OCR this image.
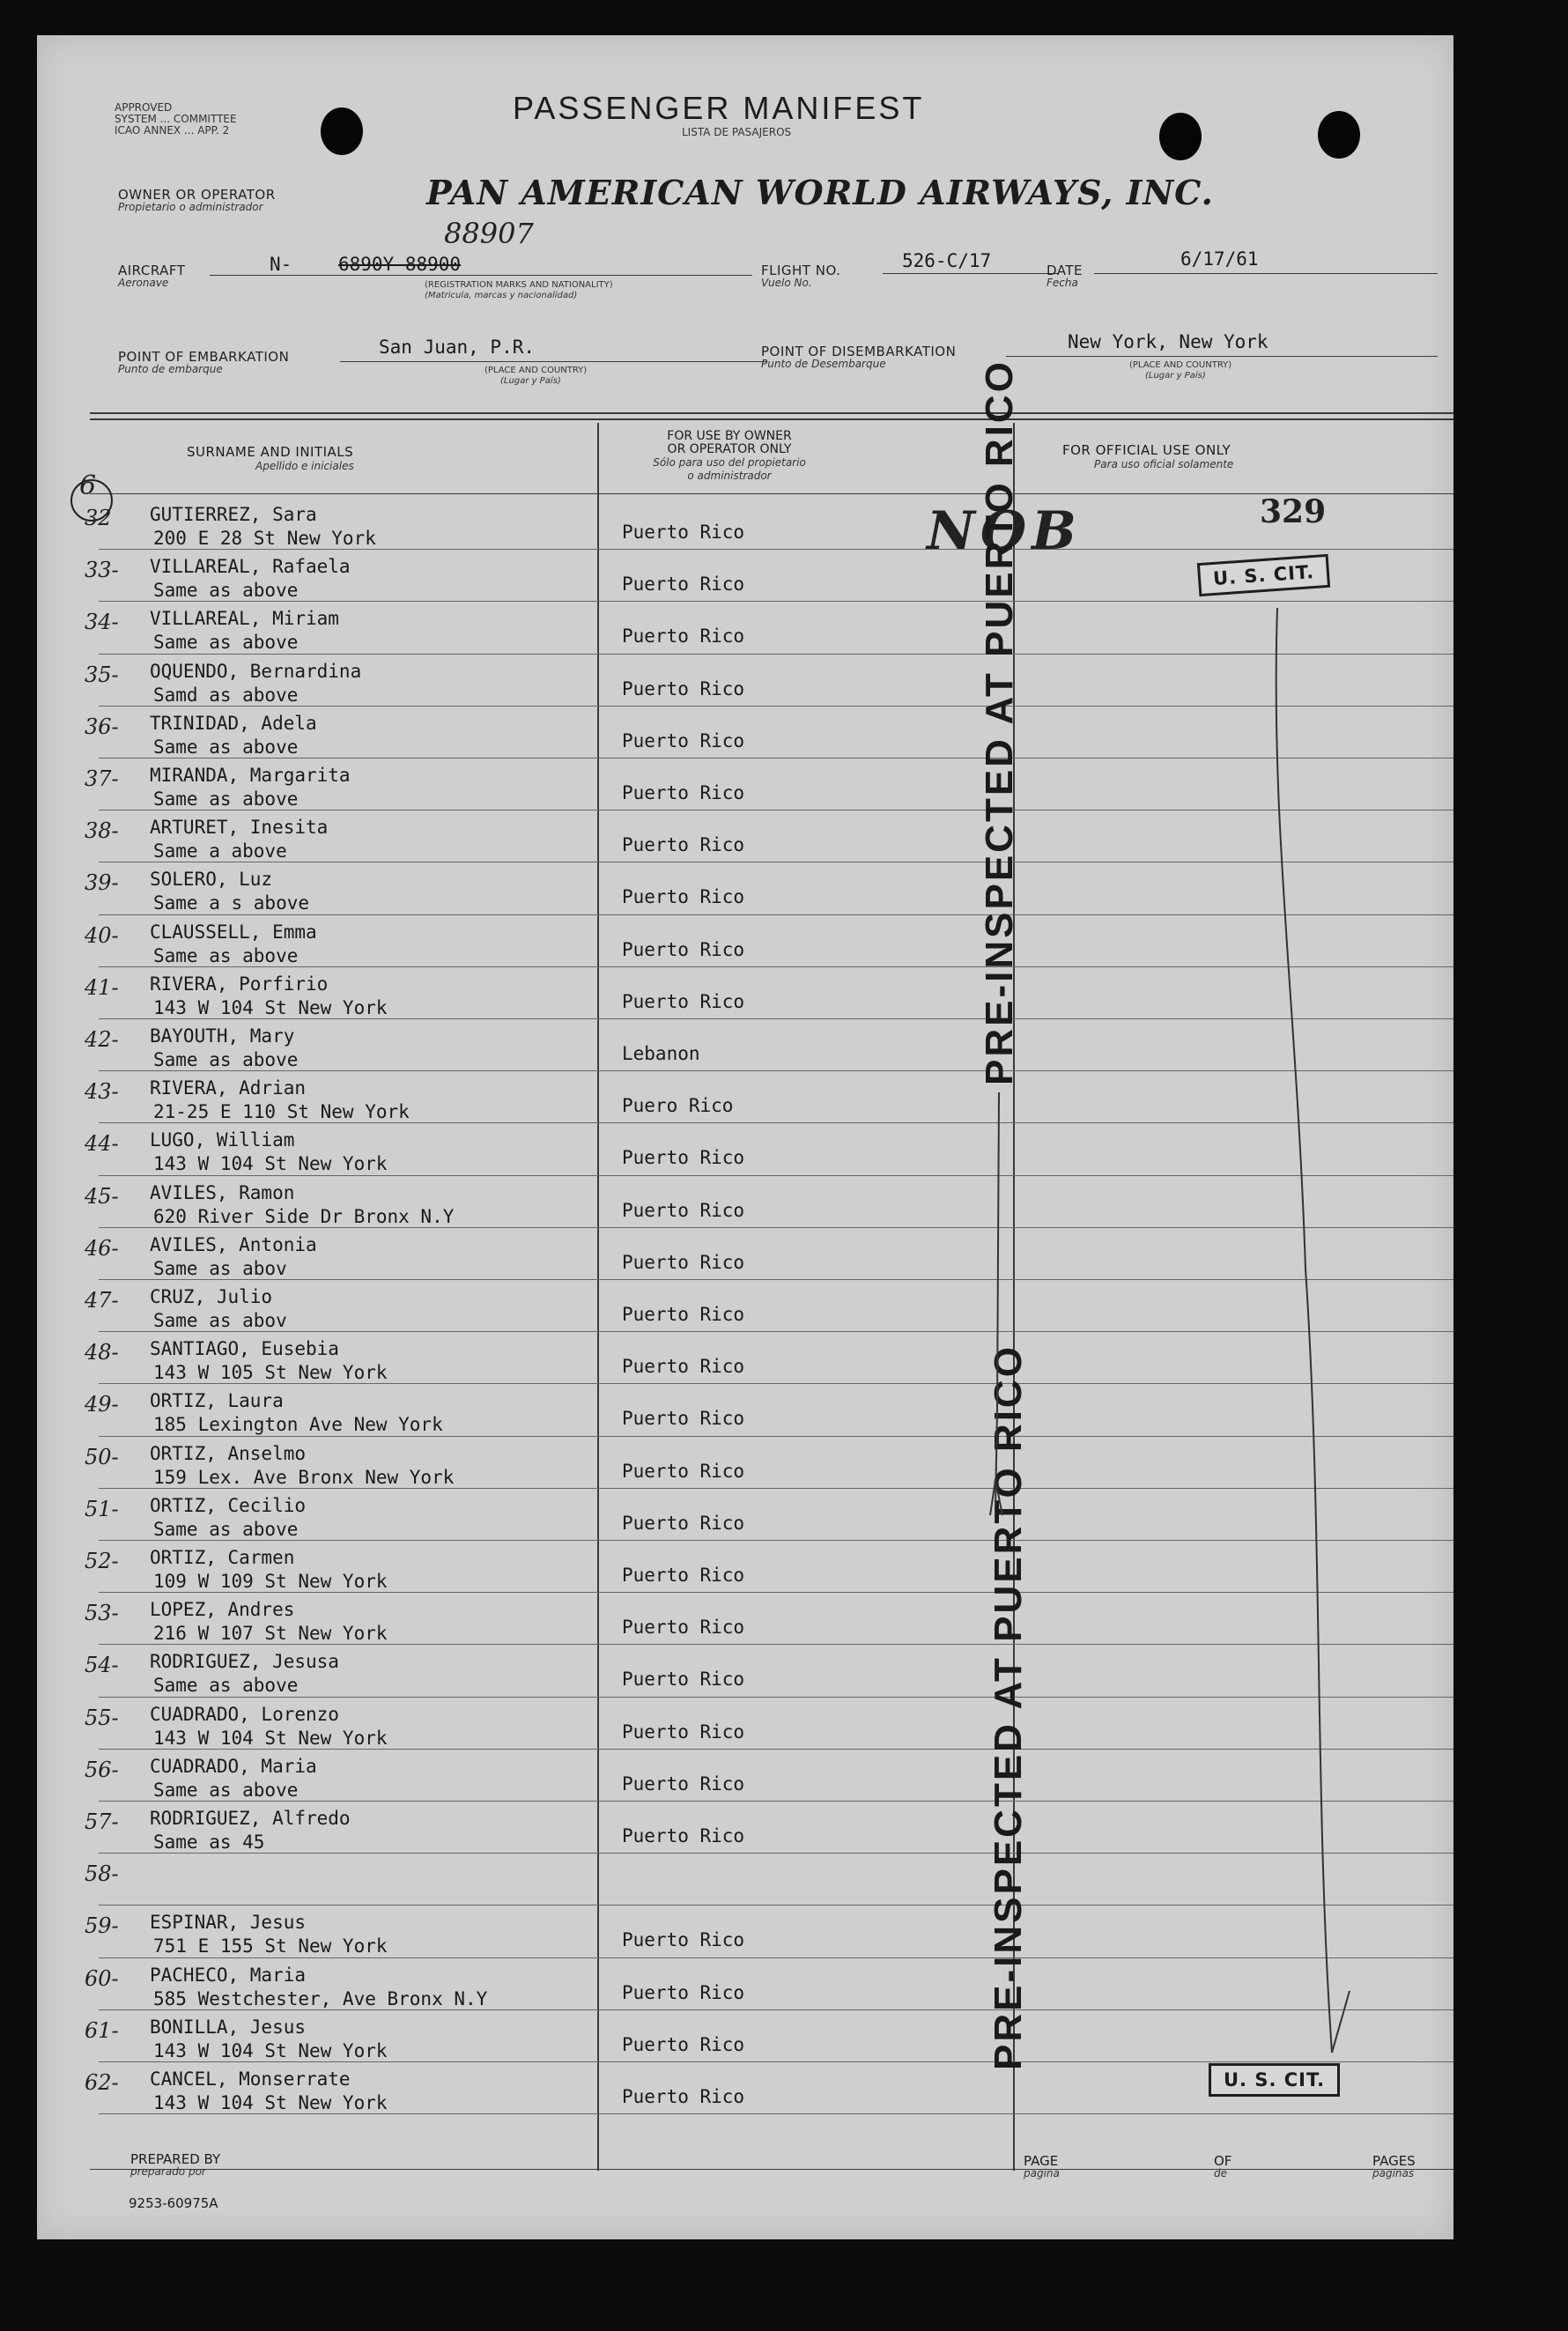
APPROVED
SYSTEM ... COMMITTEE
ICAO ANNEX ... APP. 2
PASSENGER MANIFEST
LISTA DE PASAJEROS
OWNER OR OPERATOR
Propietario o administrador	PAN AMERICAN WORLD AIRWAYS, INC.
88907
AIRCRAFT
Aeronave
N-	6890Y 88900
(REGISTRATION MARKS AND NATIONALITY)
(Matricula, marcas y nacionalidad)
FLIGHT NO.
Vuelo No.
526-C/17	DATE
Fecha
6/17/61
POINT OF EMBARKATION
Punto de embarque
San Juan, P.R.
(PLACE AND COUNTRY)
(Lugar y País)
POINT OF DISEMBARKATION
Punto de Desembarque
New York, New York
(PLACE AND COUNTRY)
(Lugar y País)
SURNAME AND INITIALS
Apellido e iniciales
FOR USE BY OWNER
OR OPERATOR ONLY
Sólo para uso del propietario
o administrador
FOR OFFICIAL USE ONLY
Para uso oficial solamente
32 GUTIERREZ, Sara
200 E 28 St New York	Puerto Rico
33- VILLAREAL, Rafaela
Same as above	Puerto Rico
34- VILLAREAL, Miriam
Same as above	Puerto Rico
35- OQUENDO, Bernardina
Samd as above	Puerto Rico
36- TRINIDAD, Adela
Same as above	Puerto Rico
37- MIRANDA, Margarita
Same as above	Puerto Rico
38- ARTURET, Inesita
Same a above	Puerto Rico
39- SOLERO, Luz
Same a s above	Puerto Rico
40- CLAUSSELL, Emma
Same as above	Puerto Rico
41- RIVERA, Porfirio
143 W 104 St New York	Puerto Rico
42- BAYOUTH, Mary
Same as above	Lebanon
43- RIVERA, Adrian
21-25 E 110 St New York	Puero Rico
44- LUGO, William
143 W 104 St New York	Puerto Rico
45- AVILES, Ramon
620 River Side Dr Bronx N.Y	Puerto Rico
46- AVILES, Antonia
Same as abov	Puerto Rico
47- CRUZ, Julio
Same as abov	Puerto Rico
48- SANTIAGO, Eusebia
143 W 105 St New York	Puerto Rico
49- ORTIZ, Laura
185 Lexington Ave New York	Puerto Rico
50- ORTIZ, Anselmo
159 Lex. Ave Bronx New York	Puerto Rico
51- ORTIZ, Cecilio
Same as above	Puerto Rico
52- ORTIZ, Carmen
109 W 109 St New York	Puerto Rico
53- LOPEZ, Andres
216 W 107 St New York	Puerto Rico
54- RODRIGUEZ, Jesusa
Same as above	Puerto Rico
55- CUADRADO, Lorenzo
143 W 104 St New York	Puerto Rico
56- CUADRADO, Maria
Same as above	Puerto Rico
57- RODRIGUEZ, Alfredo
Same as 45	Puerto Rico
58-
59- ESPINAR, Jesus
751 E 155 St New York	Puerto Rico
60- PACHECO, Maria
585 Westchester, Ave Bronx N.Y	Puerto Rico
61- BONILLA, Jesus
143 W 104 St New York	Puerto Rico
62- CANCEL, Monserrate
143 W 104 St New York	Puerto Rico
6
NOB	329
U. S. CIT.
U. S. CIT.
PRE-INSPECTED AT PUERTO RICO
PRE-INSPECTED AT PUERTO RICO
PREPARED BY
preparado por
PAGE
pagina
OF
de
PAGES
paginas
9253-60975A
